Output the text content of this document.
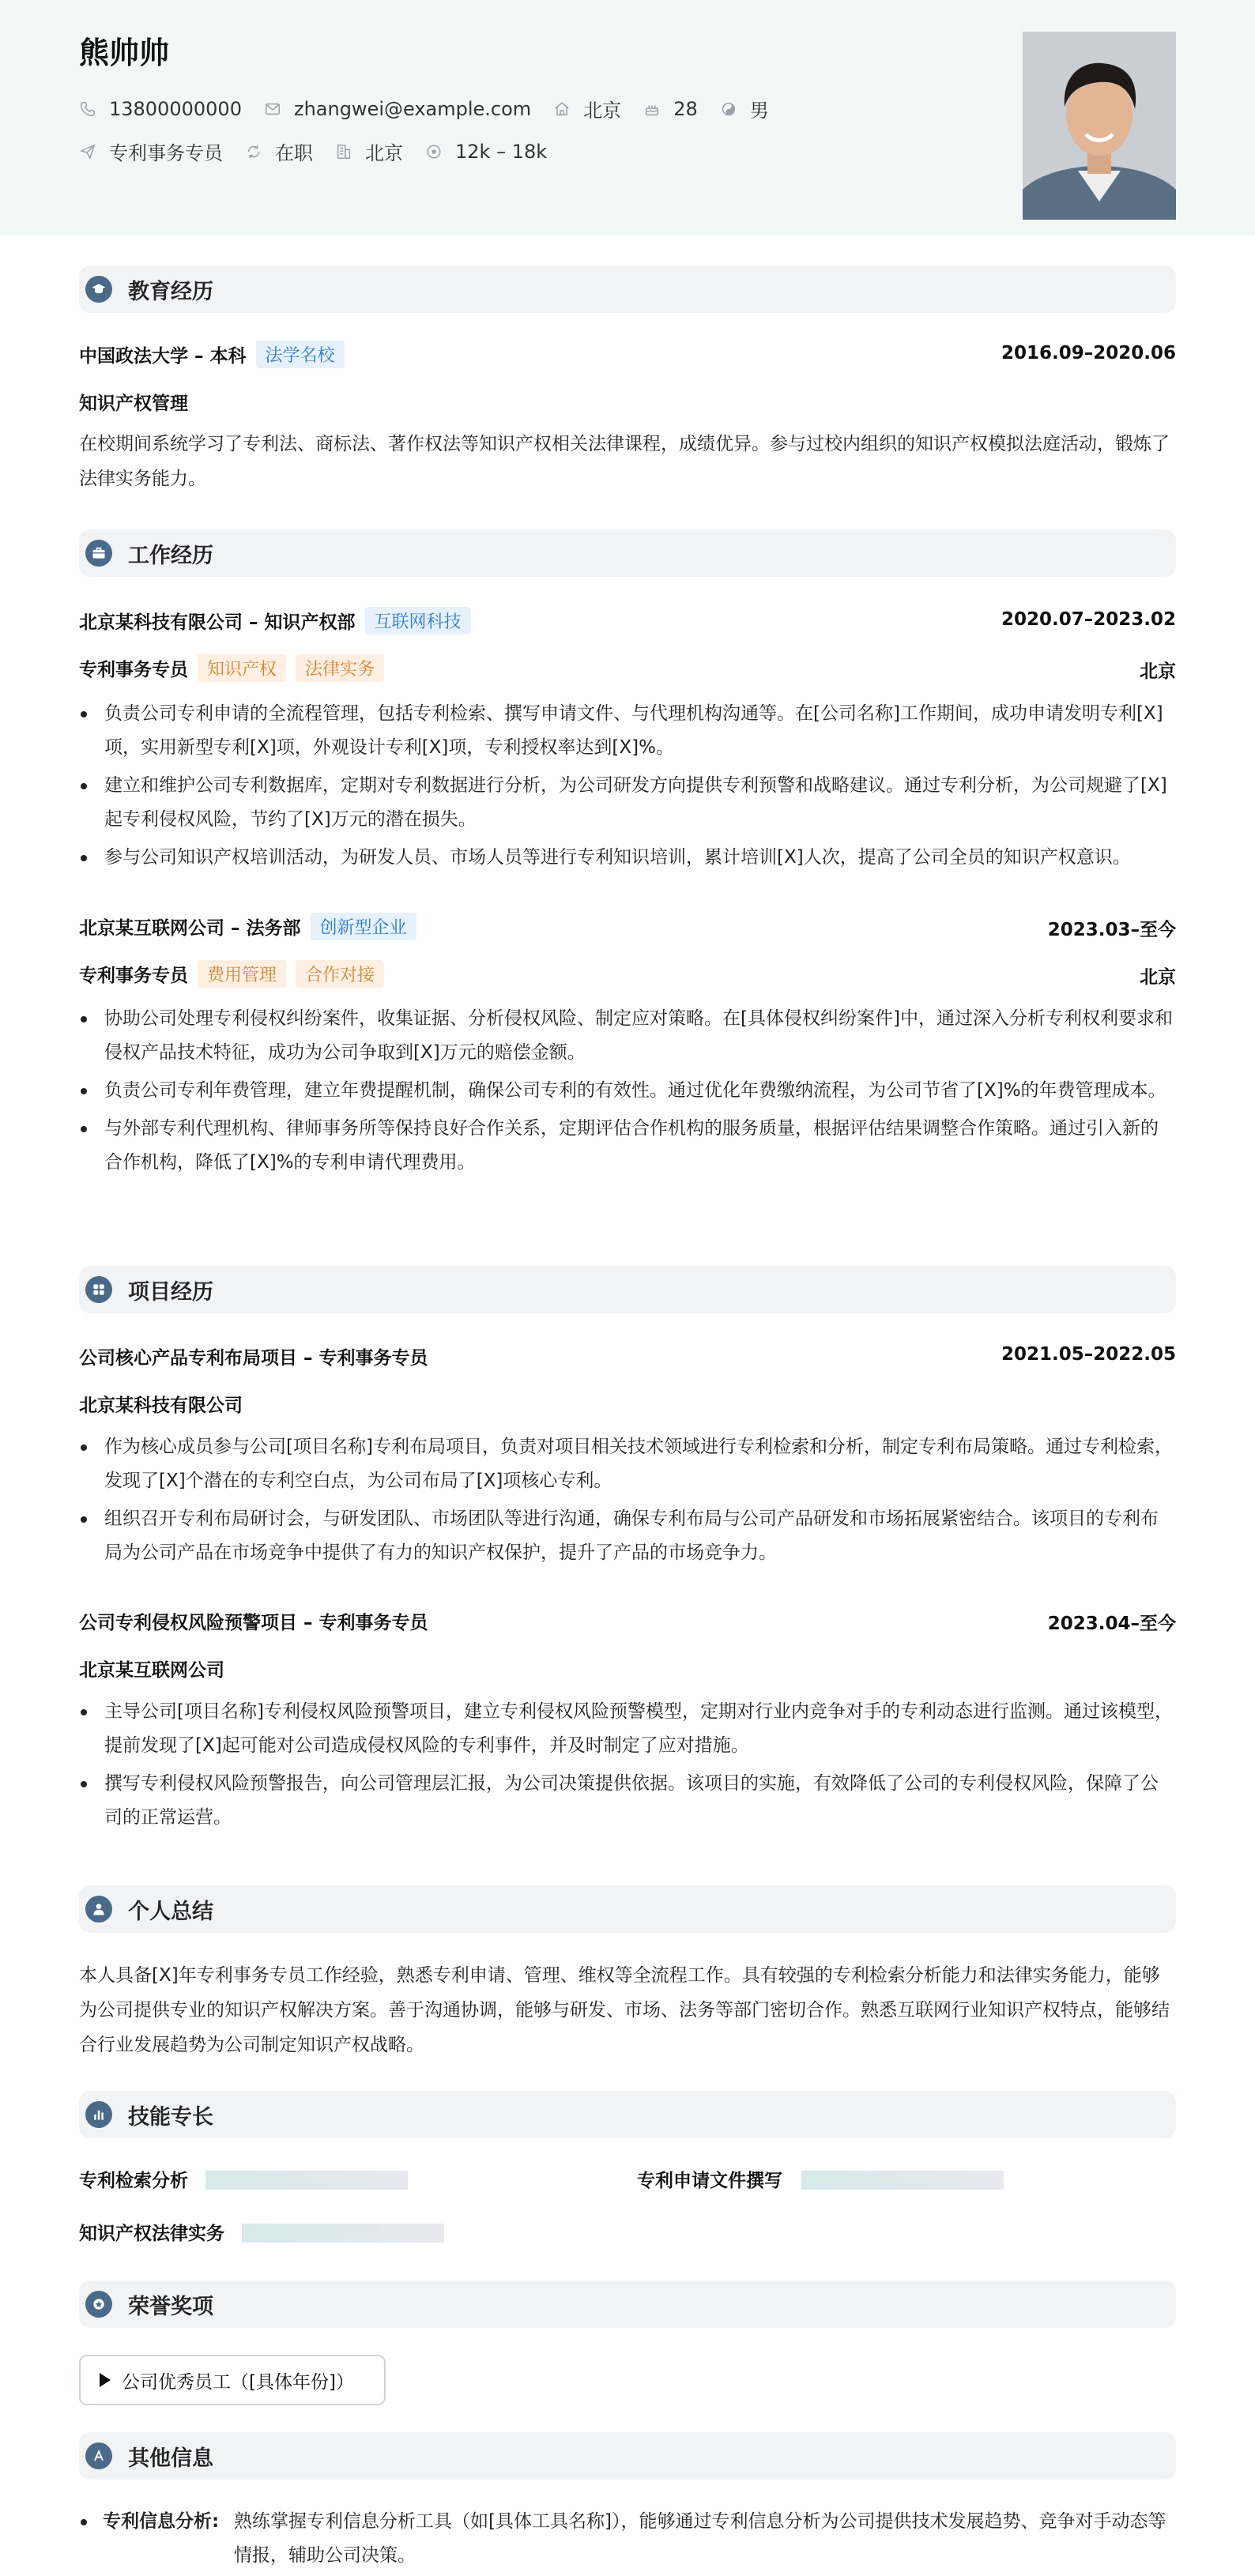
熊帅帅
13800000000	zhangwei@example.com	北京	28	男
专利事务专员	在职	北京	12k – 18k
教育经历
中国政法大学 – 本科	法学名校	2016.09–2020.06
知识产权管理
在校期间系统学习了专利法、商标法、著作权法等知识产权相关法律课程，成绩优异。参与过校内组织的知识产权模拟法庭活动，锻炼了法律实务能力。
工作经历
北京某科技有限公司 – 知识产权部	互联网科技	2020.07–2023.02
专利事务专员	知识产权	法律实务	北京
负责公司专利申请的全流程管理，包括专利检索、撰写申请文件、与代理机构沟通等。在[公司名称]工作期间，成功申请发明专利[X]项，实用新型专利[X]项，外观设计专利[X]项，专利授权率达到[X]%。
建立和维护公司专利数据库，定期对专利数据进行分析，为公司研发方向提供专利预警和战略建议。通过专利分析，为公司规避了[X]起专利侵权风险，节约了[X]万元的潜在损失。
参与公司知识产权培训活动，为研发人员、市场人员等进行专利知识培训，累计培训[X]人次，提高了公司全员的知识产权意识。
北京某互联网公司 – 法务部	创新型企业	2023.03–至今
专利事务专员	费用管理	合作对接	北京
协助公司处理专利侵权纠纷案件，收集证据、分析侵权风险、制定应对策略。在[具体侵权纠纷案件]中，通过深入分析专利权利要求和侵权产品技术特征，成功为公司争取到[X]万元的赔偿金额。
负责公司专利年费管理，建立年费提醒机制，确保公司专利的有效性。通过优化年费缴纳流程，为公司节省了[X]%的年费管理成本。
与外部专利代理机构、律师事务所等保持良好合作关系，定期评估合作机构的服务质量，根据评估结果调整合作策略。通过引入新的合作机构，降低了[X]%的专利申请代理费用。
项目经历
公司核心产品专利布局项目 – 专利事务专员	2021.05–2022.05
北京某科技有限公司
作为核心成员参与公司[项目名称]专利布局项目，负责对项目相关技术领域进行专利检索和分析，制定专利布局策略。通过专利检索，发现了[X]个潜在的专利空白点，为公司布局了[X]项核心专利。
组织召开专利布局研讨会，与研发团队、市场团队等进行沟通，确保专利布局与公司产品研发和市场拓展紧密结合。该项目的专利布局为公司产品在市场竞争中提供了有力的知识产权保护，提升了产品的市场竞争力。
公司专利侵权风险预警项目 – 专利事务专员	2023.04–至今
北京某互联网公司
主导公司[项目名称]专利侵权风险预警项目，建立专利侵权风险预警模型，定期对行业内竞争对手的专利动态进行监测。通过该模型，提前发现了[X]起可能对公司造成侵权风险的专利事件，并及时制定了应对措施。
撰写专利侵权风险预警报告，向公司管理层汇报，为公司决策提供依据。该项目的实施，有效降低了公司的专利侵权风险，保障了公司的正常运营。
个人总结
本人具备[X]年专利事务专员工作经验，熟悉专利申请、管理、维权等全流程工作。具有较强的专利检索分析能力和法律实务能力，能够为公司提供专业的知识产权解决方案。善于沟通协调，能够与研发、市场、法务等部门密切合作。熟悉互联网行业知识产权特点，能够结合行业发展趋势为公司制定知识产权战略。
技能专长
专利检索分析	专利申请文件撰写
知识产权法律实务
荣誉奖项
公司优秀员工（[具体年份]）
其他信息
专利信息分析: 熟练掌握专利信息分析工具（如[具体工具名称]），能够通过专利信息分析为公司提供技术发展趋势、竞争对手动态等情报，辅助公司决策。
